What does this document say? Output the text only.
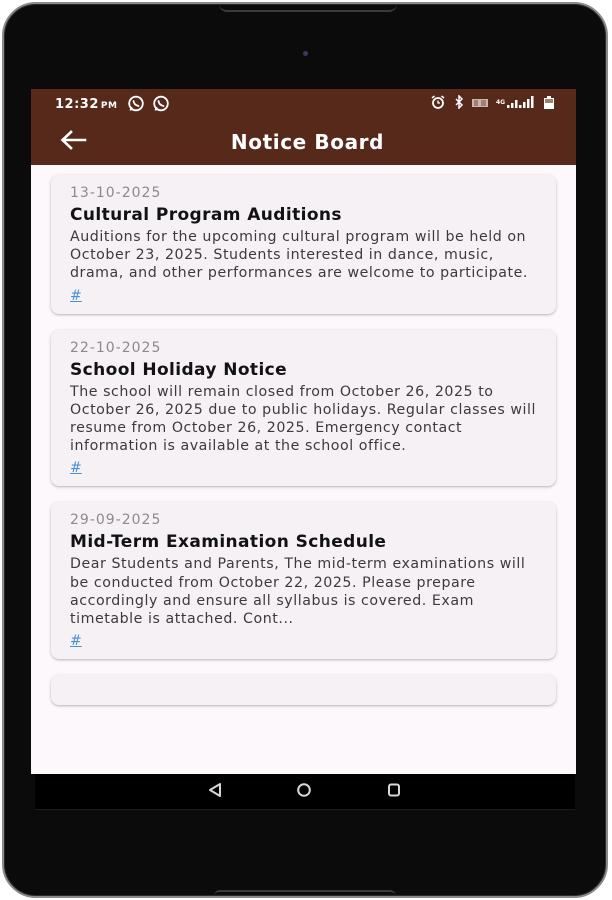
12:32 PM	4G
Notice Board
13-10-2025
Cultural Program Auditions
Auditions for the upcoming cultural program will be held on October 23, 2025. Students interested in dance, music, drama, and other performances are welcome to participate.
#
22-10-2025
School Holiday Notice
The school will remain closed from October 26, 2025 to October 26, 2025 due to public holidays. Regular classes will resume from October 26, 2025. Emergency contact information is available at the school office.
#
29-09-2025
Mid-Term Examination Schedule
Dear Students and Parents, The mid-term examinations will be conducted from October 22, 2025. Please prepare accordingly and ensure all syllabus is covered. Exam timetable is attached. Cont...
#
